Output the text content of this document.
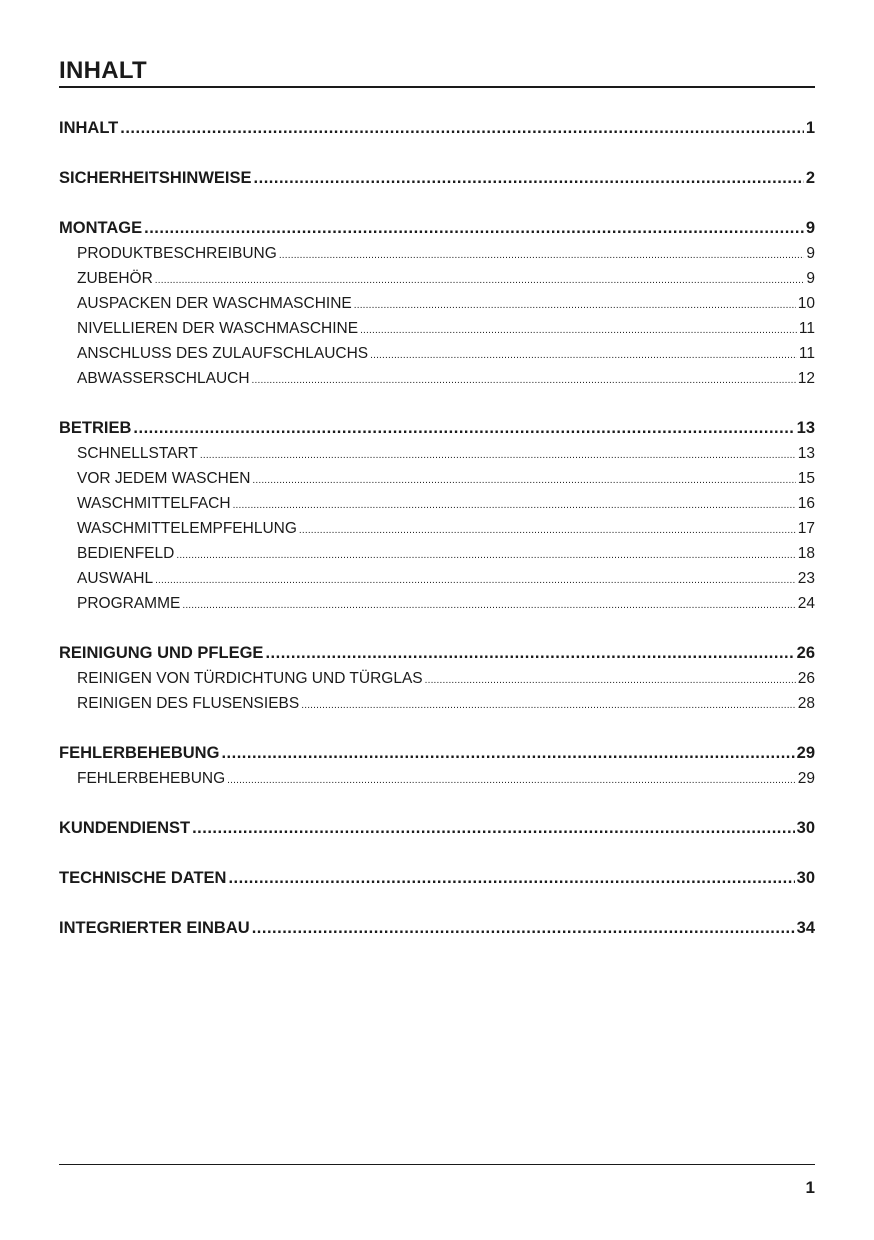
INHALT
INHALT .....	1
SICHERHEITSHINWEISE .....	2
MONTAGE .....	9
PRODUKTBESCHREIBUNG .....	9
ZUBEHÖR .....	9
AUSPACKEN DER WASCHMASCHINE .....	10
NIVELLIEREN DER WASCHMASCHINE .....	11
ANSCHLUSS DES ZULAUFSCHLAUCHS .....	11
ABWASSERSCHLAUCH .....	12
BETRIEB .....	13
SCHNELLSTART .....	13
VOR JEDEM WASCHEN .....	15
WASCHMITTELFACH .....	16
WASCHMITTELEMPFEHLUNG .....	17
BEDIENFELD .....	18
AUSWAHL .....	23
PROGRAMME .....	24
REINIGUNG UND PFLEGE .....	26
REINIGEN VON TÜRDICHTUNG UND TÜRGLAS .....	26
REINIGEN DES FLUSENSIEBS .....	28
FEHLERBEHEBUNG .....	29
FEHLERBEHEBUNG .....	29
KUNDENDIENST .....	30
TECHNISCHE DATEN .....	30
INTEGRIERTER EINBAU .....	34
1
